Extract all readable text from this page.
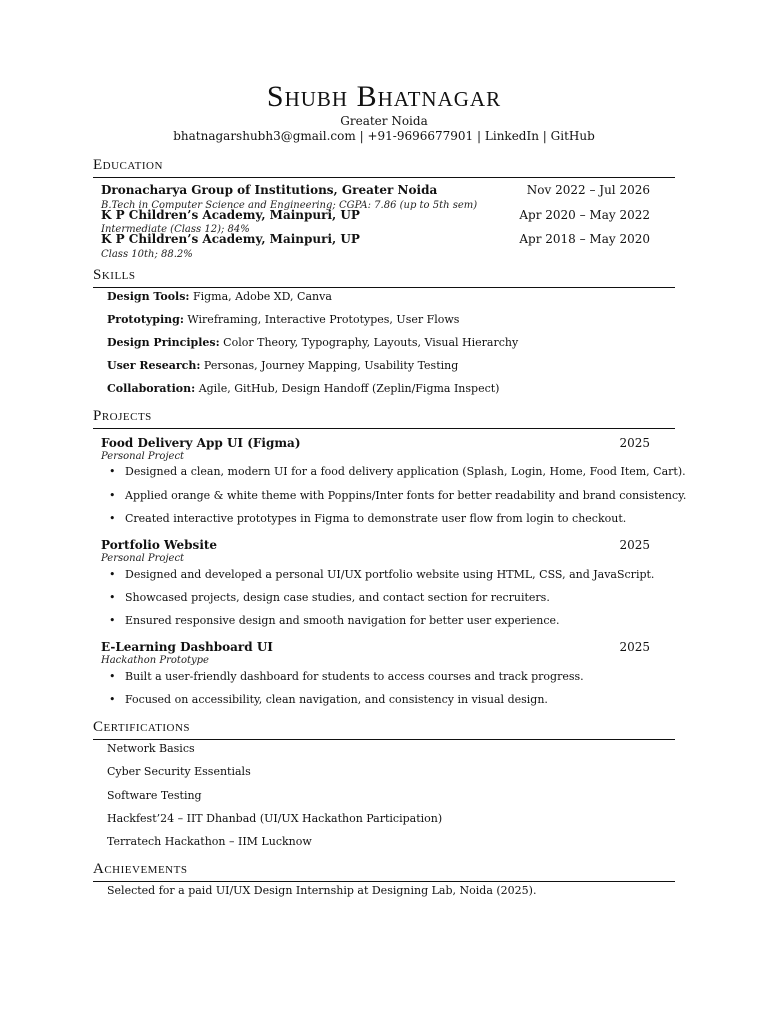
Shubh Bhatnagar
Greater Noida
bhatnagarshubh3@gmail.com | +91-9696677901 | LinkedIn | GitHub
Education
Dronacharya Group of Institutions, Greater Noida	Nov 2022 – Jul 2026
B.Tech in Computer Science and Engineering; CGPA: 7.86 (up to 5th sem)
K P Children’s Academy, Mainpuri, UP	Apr 2020 – May 2022
Intermediate (Class 12); 84%
K P Children’s Academy, Mainpuri, UP	Apr 2018 – May 2020
Class 10th; 88.2%
Skills
Design Tools: Figma, Adobe XD, Canva
Prototyping: Wireframing, Interactive Prototypes, User Flows
Design Principles: Color Theory, Typography, Layouts, Visual Hierarchy
User Research: Personas, Journey Mapping, Usability Testing
Collaboration: Agile, GitHub, Design Handoff (Zeplin/Figma Inspect)
Projects
Food Delivery App UI (Figma)	2025
Personal Project
• Designed a clean, modern UI for a food delivery application (Splash, Login, Home, Food Item, Cart).
• Applied orange & white theme with Poppins/Inter fonts for better readability and brand consistency.
• Created interactive prototypes in Figma to demonstrate user flow from login to checkout.
Portfolio Website	2025
Personal Project
• Designed and developed a personal UI/UX portfolio website using HTML, CSS, and JavaScript.
• Showcased projects, design case studies, and contact section for recruiters.
• Ensured responsive design and smooth navigation for better user experience.
E-Learning Dashboard UI	2025
Hackathon Prototype
• Built a user-friendly dashboard for students to access courses and track progress.
• Focused on accessibility, clean navigation, and consistency in visual design.
Certifications
Network Basics
Cyber Security Essentials
Software Testing
Hackfest’24 – IIT Dhanbad (UI/UX Hackathon Participation)
Terratech Hackathon – IIM Lucknow
Achievements
Selected for a paid UI/UX Design Internship at Designing Lab, Noida (2025).
